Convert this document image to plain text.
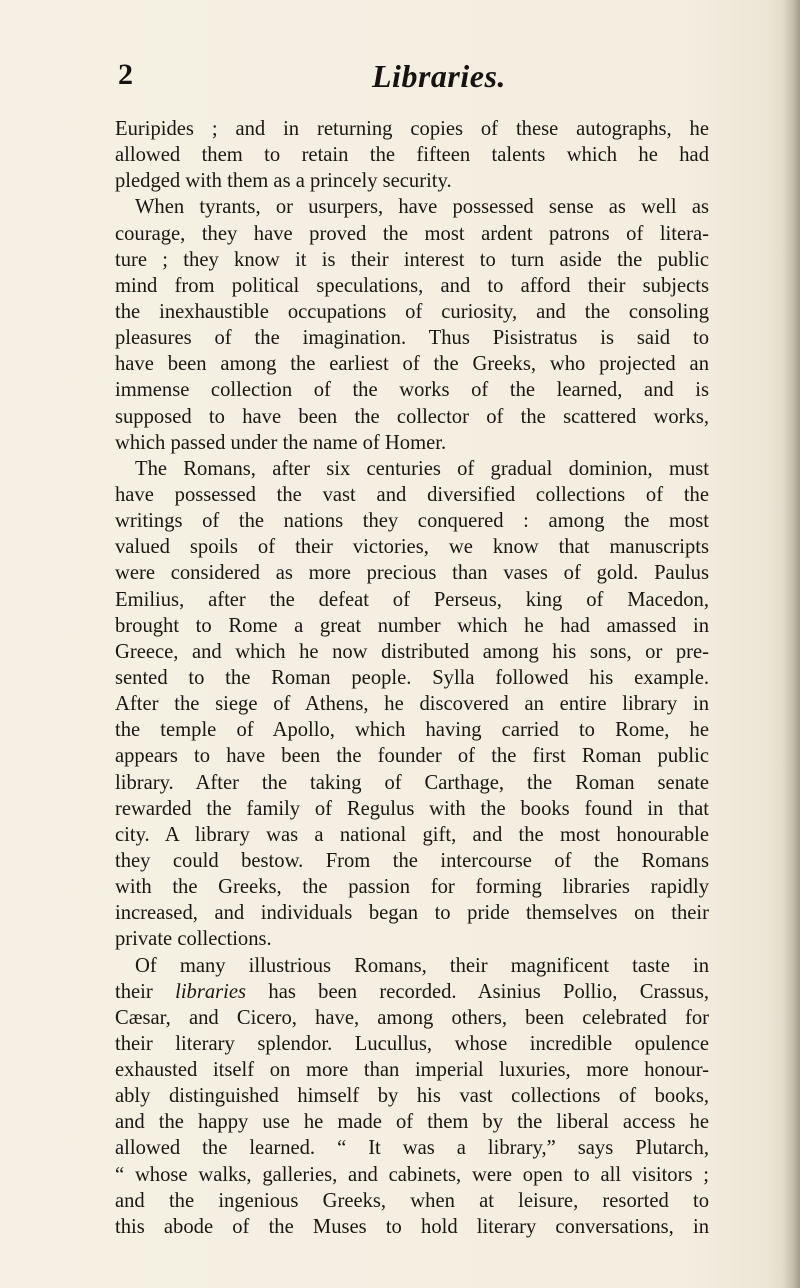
2	Libraries.
Euripides ; and in returning copies of these autographs, he
allowed them to retain the fifteen talents which he had
pledged with them as a princely security.
When tyrants, or usurpers, have possessed sense as well as
courage, they have proved the most ardent patrons of litera-
ture ; they know it is their interest to turn aside the public
mind from political speculations, and to afford their subjects
the inexhaustible occupations of curiosity, and the consoling
pleasures of the imagination. Thus Pisistratus is said to
have been among the earliest of the Greeks, who projected an
immense collection of the works of the learned, and is
supposed to have been the collector of the scattered works,
which passed under the name of Homer.
The Romans, after six centuries of gradual dominion, must
have possessed the vast and diversified collections of the
writings of the nations they conquered : among the most
valued spoils of their victories, we know that manuscripts
were considered as more precious than vases of gold. Paulus
Emilius, after the defeat of Perseus, king of Macedon,
brought to Rome a great number which he had amassed in
Greece, and which he now distributed among his sons, or pre-
sented to the Roman people. Sylla followed his example.
After the siege of Athens, he discovered an entire library in
the temple of Apollo, which having carried to Rome, he
appears to have been the founder of the first Roman public
library. After the taking of Carthage, the Roman senate
rewarded the family of Regulus with the books found in that
city. A library was a national gift, and the most honourable
they could bestow. From the intercourse of the Romans
with the Greeks, the passion for forming libraries rapidly
increased, and individuals began to pride themselves on their
private collections.
Of many illustrious Romans, their magnificent taste in
their libraries has been recorded. Asinius Pollio, Crassus,
Cæsar, and Cicero, have, among others, been celebrated for
their literary splendor. Lucullus, whose incredible opulence
exhausted itself on more than imperial luxuries, more honour-
ably distinguished himself by his vast collections of books,
and the happy use he made of them by the liberal access he
allowed the learned. “ It was a library,” says Plutarch,
“ whose walks, galleries, and cabinets, were open to all visitors ;
and the ingenious Greeks, when at leisure, resorted to
this abode of the Muses to hold literary conversations, in
